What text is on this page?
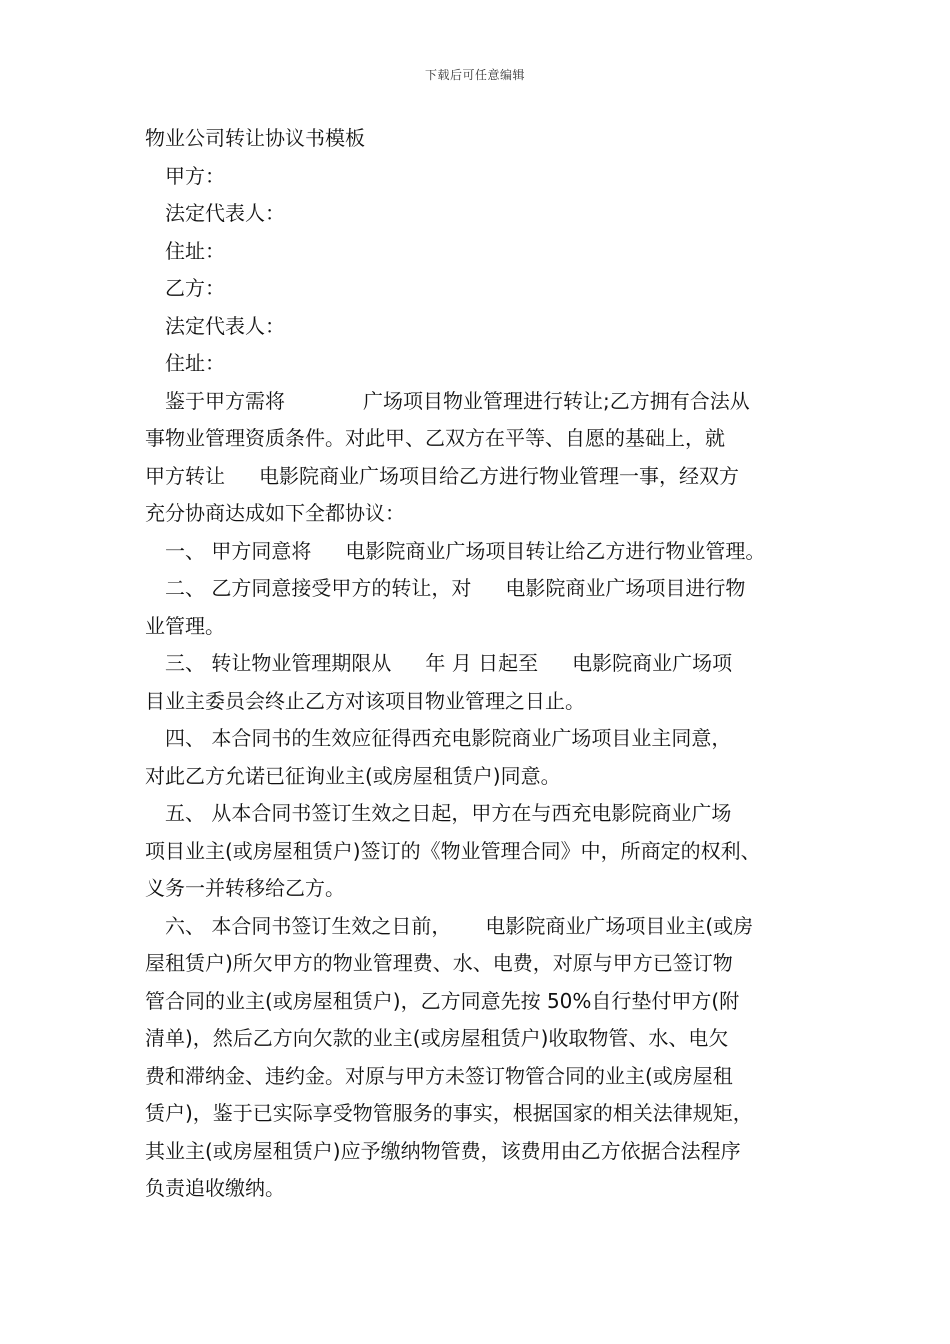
下载后可任意编辑
物业公司转让协议书模板
甲方：
法定代表人：
住址：
乙方：
法定代表人：
住址：
鉴于甲方需将	广场项目物业管理进行转让;乙方拥有合法从
事物业管理资质条件。对此甲、乙双方在平等、自愿的基础上，就
甲方转让 电影院商业广场项目给乙方进行物业管理一事，经双方
充分协商达成如下全都协议：
一、 甲方同意将 电影院商业广场项目转让给乙方进行物业管理。
二、 乙方同意接受甲方的转让，对 电影院商业广场项目进行物
业管理。
三、 转让物业管理期限从 年 月 日起至 电影院商业广场项
目业主委员会终止乙方对该项目物业管理之日止。
四、 本合同书的生效应征得西充电影院商业广场项目业主同意，
对此乙方允诺已征询业主(或房屋租赁户)同意。
五、 从本合同书签订生效之日起，甲方在与西充电影院商业广场
项目业主(或房屋租赁户)签订的《物业管理合同》中，所商定的权利、
义务一并转移给乙方。
六、 本合同书签订生效之日前， 电影院商业广场项目业主(或房
屋租赁户)所欠甲方的物业管理费、水、电费，对原与甲方已签订物
管合同的业主(或房屋租赁户)，乙方同意先按 50%自行垫付甲方(附
清单)，然后乙方向欠款的业主(或房屋租赁户)收取物管、水、电欠
费和滞纳金、违约金。对原与甲方未签订物管合同的业主(或房屋租
赁户)，鉴于已实际享受物管服务的事实，根据国家的相关法律规矩，
其业主(或房屋租赁户)应予缴纳物管费，该费用由乙方依据合法程序
负责追收缴纳。
